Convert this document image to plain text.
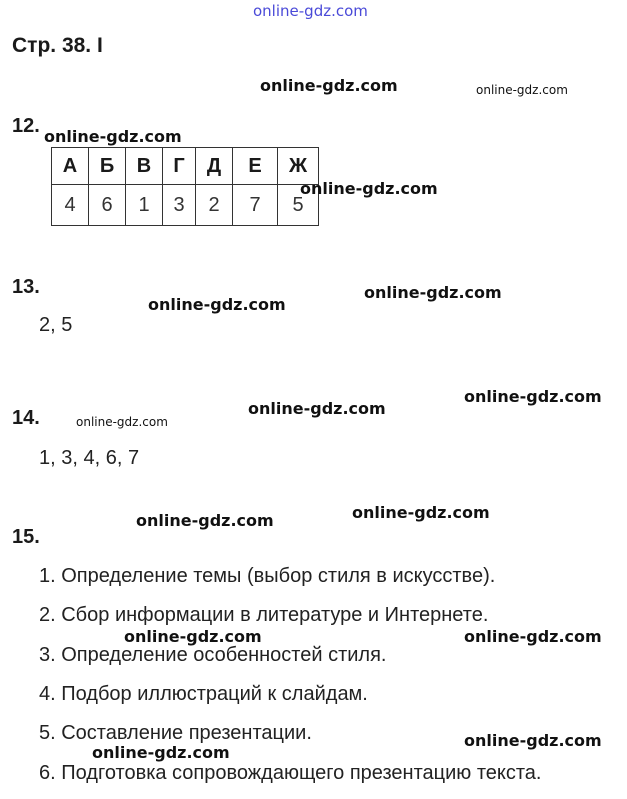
online-gdz.com
Стр. 38. I
online-gdz.com	online-gdz.com
12. online-gdz.com
А	Б	В	Г	Д	Е	Ж
4	6	1	3	2	7	5
online-gdz.com
13.	online-gdz.com
online-gdz.com
2, 5
online-gdz.com
online-gdz.com
14.	online-gdz.com
1, 3, 4, 6, 7
online-gdz.com
online-gdz.com
15.
1. Определение темы (выбор стиля в искусстве).
2. Сбор информации в литературе и Интернете.
online-gdz.com	online-gdz.com
3. Определение особенностей стиля.
4. Подбор иллюстраций к слайдам.
5. Составление презентации.	online-gdz.com
online-gdz.com
6. Подготовка сопровождающего презентацию текста.
